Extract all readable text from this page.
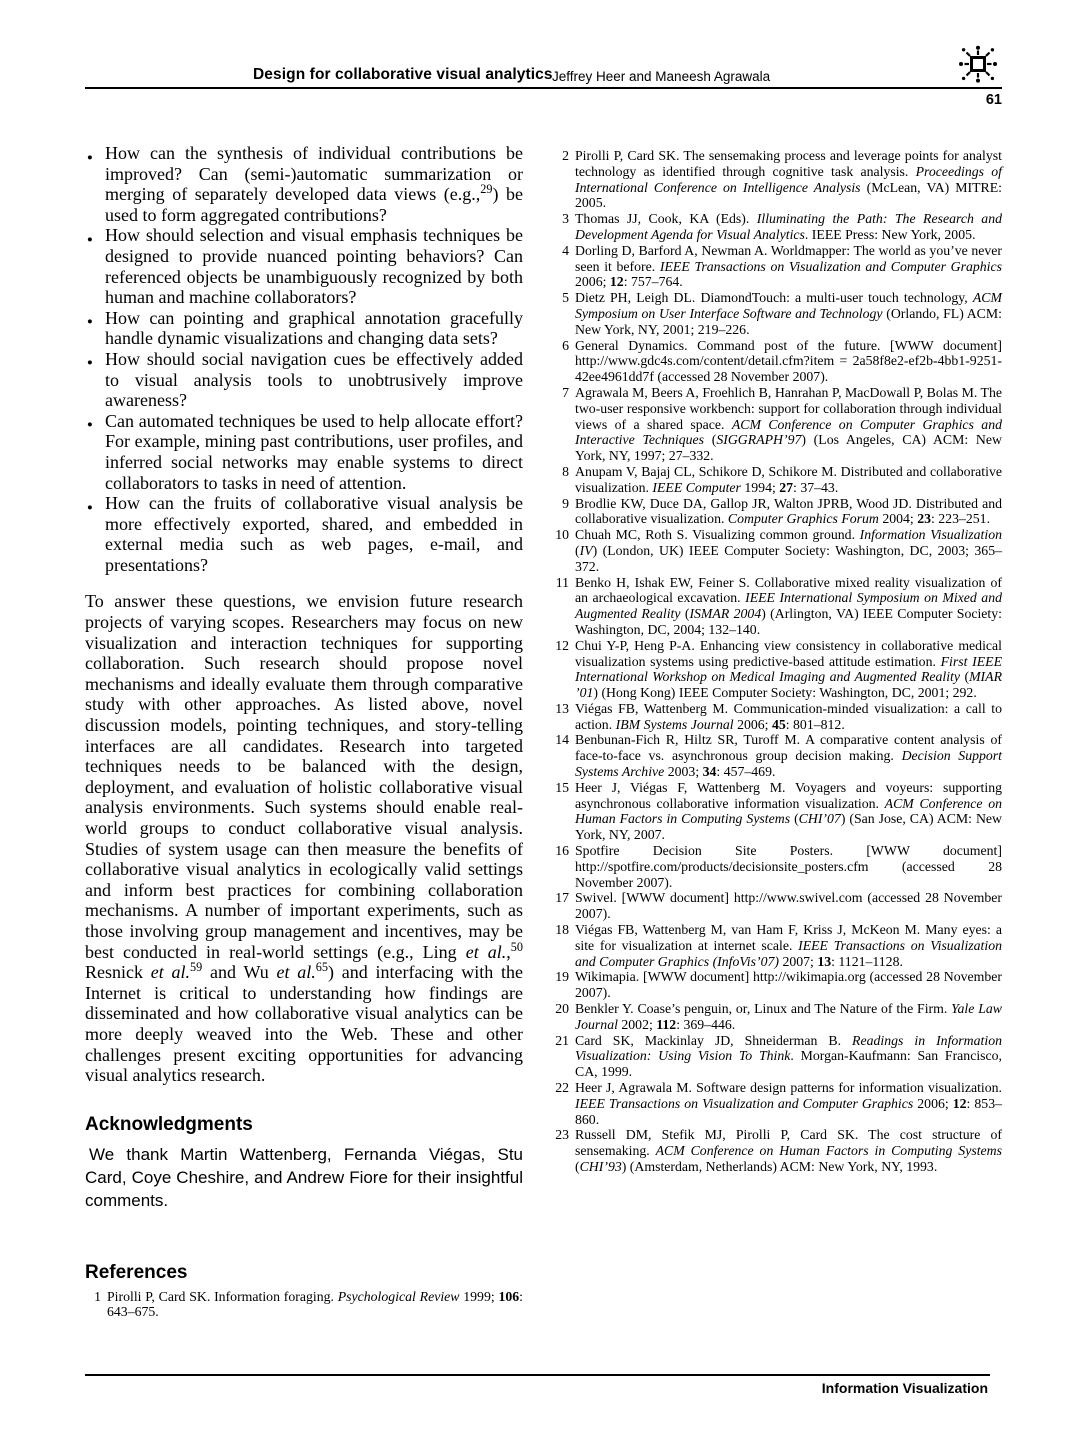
Design for collaborative visual analytics Jeffrey Heer and Maneesh Agrawala
61
● How can the synthesis of individual contributions be improved? Can (semi-)automatic summarization or merging of separately developed data views (e.g.,$^{29}$) be used to form aggregated contributions?
● How should selection and visual emphasis techniques be designed to provide nuanced pointing behaviors? Can referenced objects be unambiguously recognized by both human and machine collaborators?
● How can pointing and graphical annotation gracefully handle dynamic visualizations and changing data sets?
● How should social navigation cues be effectively added to visual analysis tools to unobtrusively improve awareness?
● Can automated techniques be used to help allocate effort? For example, mining past contributions, user profiles, and inferred social networks may enable systems to direct collaborators to tasks in need of attention.
● How can the fruits of collaborative visual analysis be more effectively exported, shared, and embedded in external media such as web pages, e-mail, and presentations?

To answer these questions, we envision future research projects of varying scopes. Researchers may focus on new visualization and interaction techniques for supporting collaboration. Such research should propose novel mechanisms and ideally evaluate them through comparative study with other approaches. As listed above, novel discussion models, pointing techniques, and story-telling interfaces are all candidates. Research into targeted techniques needs to be balanced with the design, deployment, and evaluation of holistic collaborative visual analysis environments. Such systems should enable real-world groups to conduct collaborative visual analysis. Studies of system usage can then measure the benefits of collaborative visual analytics in ecologically valid settings and inform best practices for combining collaboration mechanisms. A number of important experiments, such as those involving group management and incentives, may be best conducted in real-world settings (e.g., Ling et al.,$^{50}$ Resnick et al.$^{59}$ and Wu et al.$^{65}$) and interfacing with the Internet is critical to understanding how findings are disseminated and how collaborative visual analytics can be more deeply weaved into the Web. These and other challenges present exciting opportunities for advancing visual analytics research.

Acknowledgments

We thank Martin Wattenberg, Fernanda Viégas, Stu Card, Coye Cheshire, and Andrew Fiore for their insightful comments.

References
1 Pirolli P, Card SK. Information foraging. Psychological Review 1999; 106: 643–675.
2 Pirolli P, Card SK. The sensemaking process and leverage points for analyst technology as identified through cognitive task analysis. Proceedings of International Conference on Intelligence Analysis (McLean, VA) MITRE: 2005.
3 Thomas JJ, Cook, KA (Eds). Illuminating the Path: The Research and Development Agenda for Visual Analytics. IEEE Press: New York, 2005.
4 Dorling D, Barford A, Newman A. Worldmapper: The world as you’ve never seen it before. IEEE Transactions on Visualization and Computer Graphics 2006; 12: 757–764.
5 Dietz PH, Leigh DL. DiamondTouch: a multi-user touch technology, ACM Symposium on User Interface Software and Technology (Orlando, FL) ACM: New York, NY, 2001; 219–226.
6 General Dynamics. Command post of the future. [WWW document] http://www.gdc4s.com/content/detail.cfm?item = 2a58f8e2-ef2b-4bb1-9251-42ee4961dd7f (accessed 28 November 2007).
7 Agrawala M, Beers A, Froehlich B, Hanrahan P, MacDowall P, Bolas M. The two-user responsive workbench: support for collaboration through individual views of a shared space. ACM Conference on Computer Graphics and Interactive Techniques (SIGGRAPH’97) (Los Angeles, CA) ACM: New York, NY, 1997; 27–332.
8 Anupam V, Bajaj CL, Schikore D, Schikore M. Distributed and collaborative visualization. IEEE Computer 1994; 27: 37–43.
9 Brodlie KW, Duce DA, Gallop JR, Walton JPRB, Wood JD. Distributed and collaborative visualization. Computer Graphics Forum 2004; 23: 223–251.
10 Chuah MC, Roth S. Visualizing common ground. Information Visualization (IV) (London, UK) IEEE Computer Society: Washington, DC, 2003; 365–372.
11 Benko H, Ishak EW, Feiner S. Collaborative mixed reality visualization of an archaeological excavation. IEEE International Symposium on Mixed and Augmented Reality (ISMAR 2004) (Arlington, VA) IEEE Computer Society: Washington, DC, 2004; 132–140.
12 Chui Y-P, Heng P-A. Enhancing view consistency in collaborative medical visualization systems using predictive-based attitude estimation. First IEEE International Workshop on Medical Imaging and Augmented Reality (MIAR ’01) (Hong Kong) IEEE Computer Society: Washington, DC, 2001; 292.
13 Viégas FB, Wattenberg M. Communication-minded visualization: a call to action. IBM Systems Journal 2006; 45: 801–812.
14 Benbunan-Fich R, Hiltz SR, Turoff M. A comparative content analysis of face-to-face vs. asynchronous group decision making. Decision Support Systems Archive 2003; 34: 457–469.
15 Heer J, Viégas F, Wattenberg M. Voyagers and voyeurs: supporting asynchronous collaborative information visualization. ACM Conference on Human Factors in Computing Systems (CHI’07) (San Jose, CA) ACM: New York, NY, 2007.
16 Spotfire Decision Site Posters. [WWW document] http://spotfire.com/products/decisionsite_posters.cfm (accessed 28 November 2007).
17 Swivel. [WWW document] http://www.swivel.com (accessed 28 November 2007).
18 Viégas FB, Wattenberg M, van Ham F, Kriss J, McKeon M. Many eyes: a site for visualization at internet scale. IEEE Transactions on Visualization and Computer Graphics (InfoVis’07) 2007; 13: 1121–1128.
19 Wikimapia. [WWW document] http://wikimapia.org (accessed 28 November 2007).
20 Benkler Y. Coase’s penguin, or, Linux and The Nature of the Firm. Yale Law Journal 2002; 112: 369–446.
21 Card SK, Mackinlay JD, Shneiderman B. Readings in Information Visualization: Using Vision To Think. Morgan-Kaufmann: San Francisco, CA, 1999.
22 Heer J, Agrawala M. Software design patterns for information visualization. IEEE Transactions on Visualization and Computer Graphics 2006; 12: 853–860.
23 Russell DM, Stefik MJ, Pirolli P, Card SK. The cost structure of sensemaking. ACM Conference on Human Factors in Computing Systems (CHI’93) (Amsterdam, Netherlands) ACM: New York, NY, 1993.
Information Visualization
